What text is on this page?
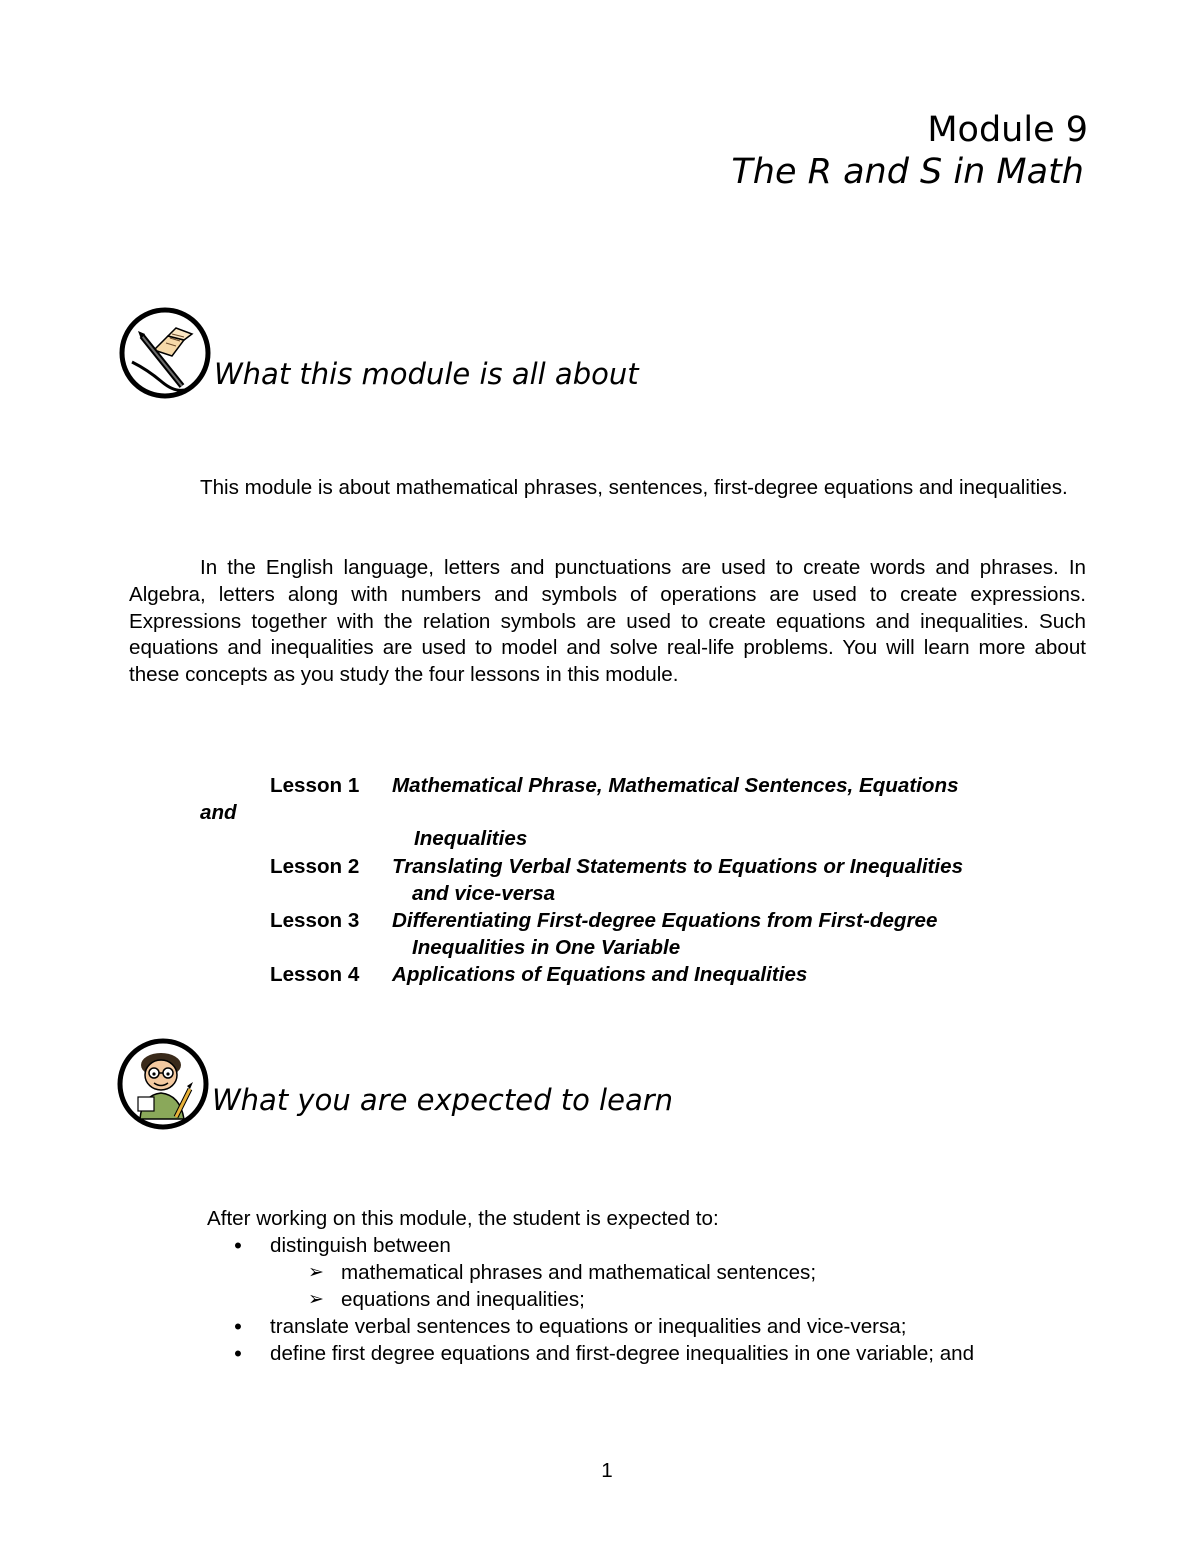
Module 9
The R and S in Math
What this module is all about
This module is about mathematical phrases, sentences, first-degree equations and inequalities.
In the English language, letters and punctuations are used to create words and phrases. In Algebra, letters along with numbers and symbols of operations are used to create expressions. Expressions together with the relation symbols are used to create equations and inequalities. Such equations and inequalities are used to model and solve real-life problems. You will learn more about these concepts as you study the four lessons in this module.
Lesson 1 Mathematical Phrase, Mathematical Sentences, Equations
and
Inequalities
Lesson 2 Translating Verbal Statements to Equations or Inequalities
and vice-versa
Lesson 3 Differentiating First-degree Equations from First-degree
Inequalities in One Variable
Lesson 4 Applications of Equations and Inequalities
What you are expected to learn
After working on this module, the student is expected to:
• distinguish between
➢ mathematical phrases and mathematical sentences;
➢ equations and inequalities;
• translate verbal sentences to equations or inequalities and vice-versa;
• define first degree equations and first-degree inequalities in one variable; and
1
